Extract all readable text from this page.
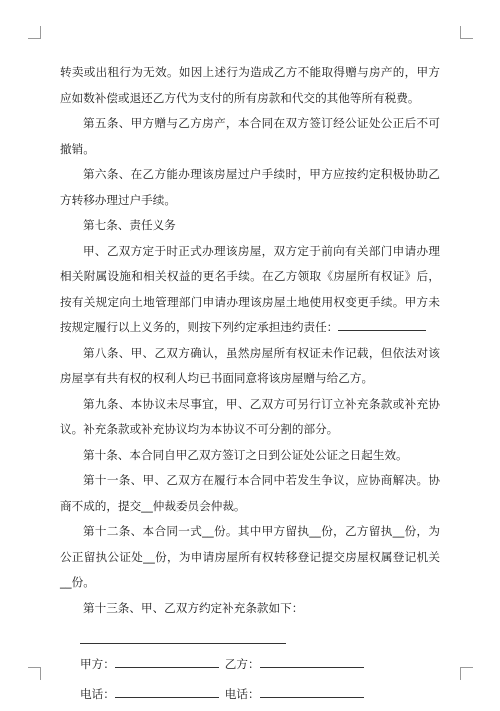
转卖或出租行为无效。如因上述行为造成乙方不能取得赠与房产的，甲方应如数补偿或退还乙方代为支付的所有房款和代交的其他等所有税费。

第五条、甲方赠与乙方房产，本合同在双方签订经公证处公正后不可撤销。

第六条、在乙方能办理该房屋过户手续时，甲方应按约定积极协助乙方转移办理过户手续。

第七条、责任义务

甲、乙双方定于时正式办理该房屋，双方定于前向有关部门申请办理相关附属设施和相关权益的更名手续。在乙方领取《房屋所有权证》后，按有关规定向土地管理部门申请办理该房屋土地使用权变更手续。甲方未按规定履行以上义务的，则按下列约定承担违约责任：

第八条、甲、乙双方确认，虽然房屋所有权证未作记载，但依法对该房屋享有共有权的权利人均已书面同意将该房屋赠与给乙方。

第九条、本协议未尽事宜，甲、乙双方可另行订立补充条款或补充协议。补充条款或补充协议均为本协议不可分割的部分。

第十条、本合同自甲乙双方签订之日到公证处公证之日起生效。

第十一条、甲、乙双方在履行本合同中若发生争议，应协商解决。协商不成的，提交__仲裁委员会仲裁。

第十二条、本合同一式__份。其中甲方留执__份，乙方留执__份，为公正留执公证处__份，为申请房屋所有权转移登记提交房屋权属登记机关__份。

第十三条、甲、乙双方约定补充条款如下：

甲方：	乙方：
电话：	电话：
